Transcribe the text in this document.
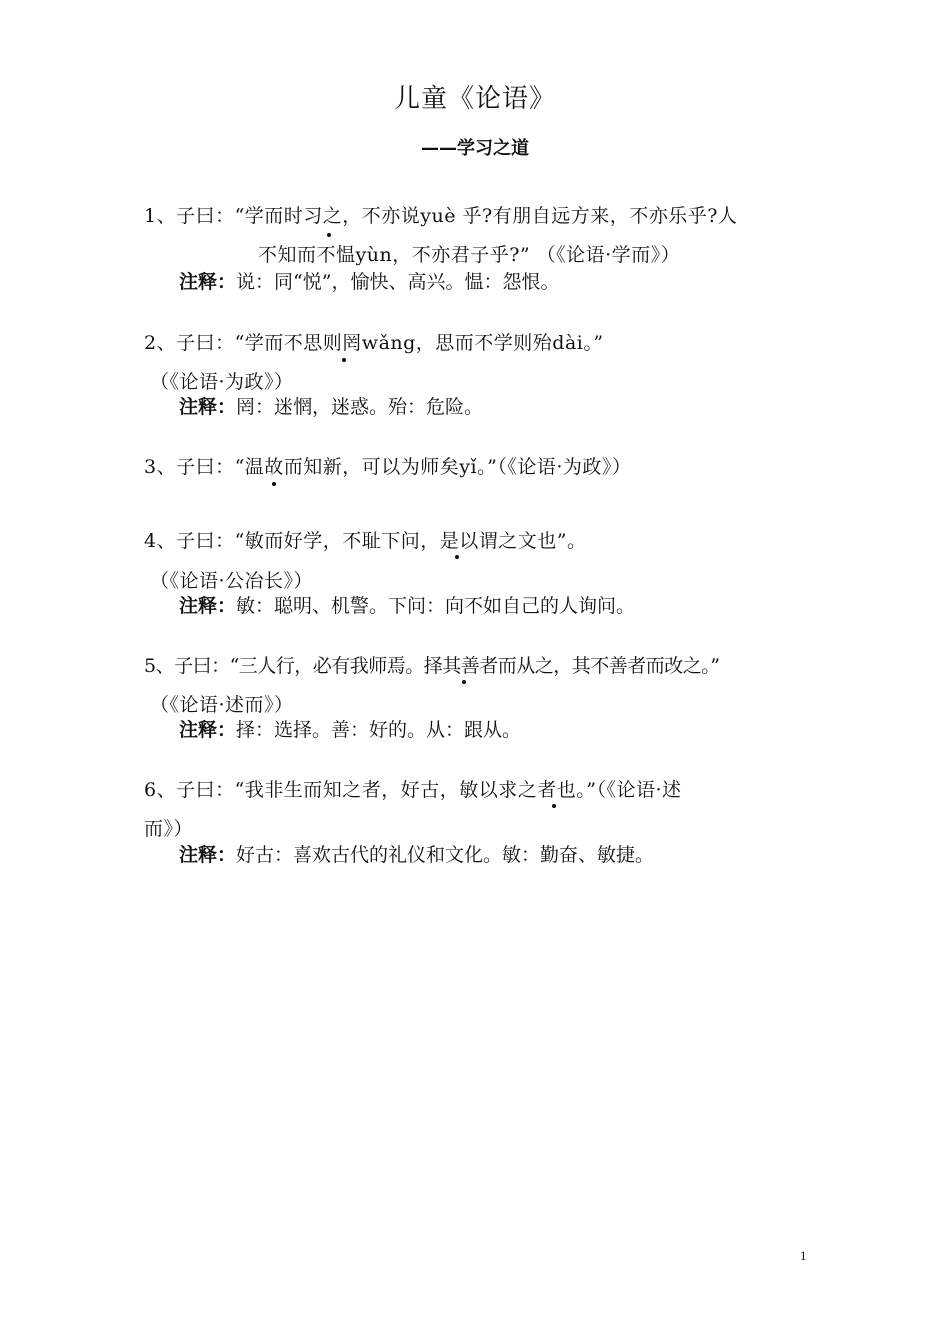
儿童《论语》
——学习之道
1、子曰：“学而时习之，不亦说yuè 乎?有朋自远方来，不亦乐乎?人
不知而不愠yùn，不亦君子乎?” （《论语·学而》）
注释：说：同“悦”，愉快、高兴。愠：怨恨。
2、子曰：“学而不思则罔wǎng，思而不学则殆dài。”
（《论语·为政》）
注释：罔：迷惘，迷惑。殆：危险。
3、子曰：“温故而知新，可以为师矣yǐ。”（《论语·为政》）
4、子曰：“敏而好学，不耻下问，是以谓之文也”。
（《论语·公冶长》）
注释：敏：聪明、机警。下问：向不如自己的人询问。
5、子曰：“三人行，必有我师焉。择其善者而从之，其不善者而改之。”
（《论语·述而》）
注释：择：选择。善：好的。从：跟从。
6、子曰：“我非生而知之者，好古，敏以求之者也。”（《论语·述
而》）
注释：好古：喜欢古代的礼仪和文化。敏：勤奋、敏捷。
1
